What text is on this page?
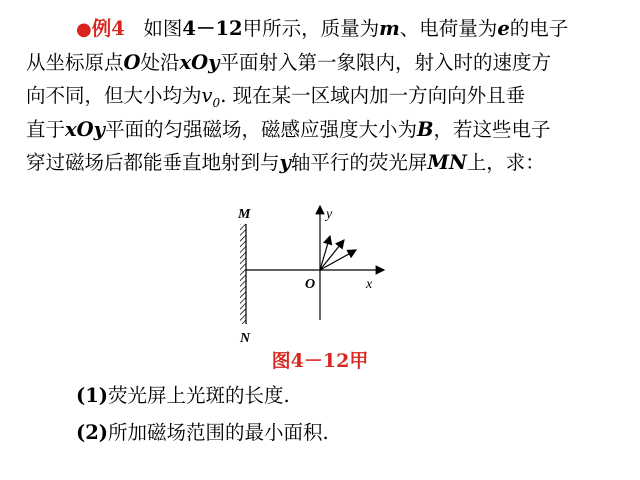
●例4 如图4－12甲所示，质量为m、电荷量为e的电子
从坐标原点O处沿xOy平面射入第一象限内，射入时的速度方
向不同，但大小均为$v_0$. 现在某一区域内加一方向向外且垂
直于xOy平面的匀强磁场，磁感应强度大小为B，若这些电子
穿过磁场后都能垂直地射到与y轴平行的荧光屏MN上，求：
M
N
x
y
O
图4－12甲
(1)荧光屏上光斑的长度.
(2)所加磁场范围的最小面积.
